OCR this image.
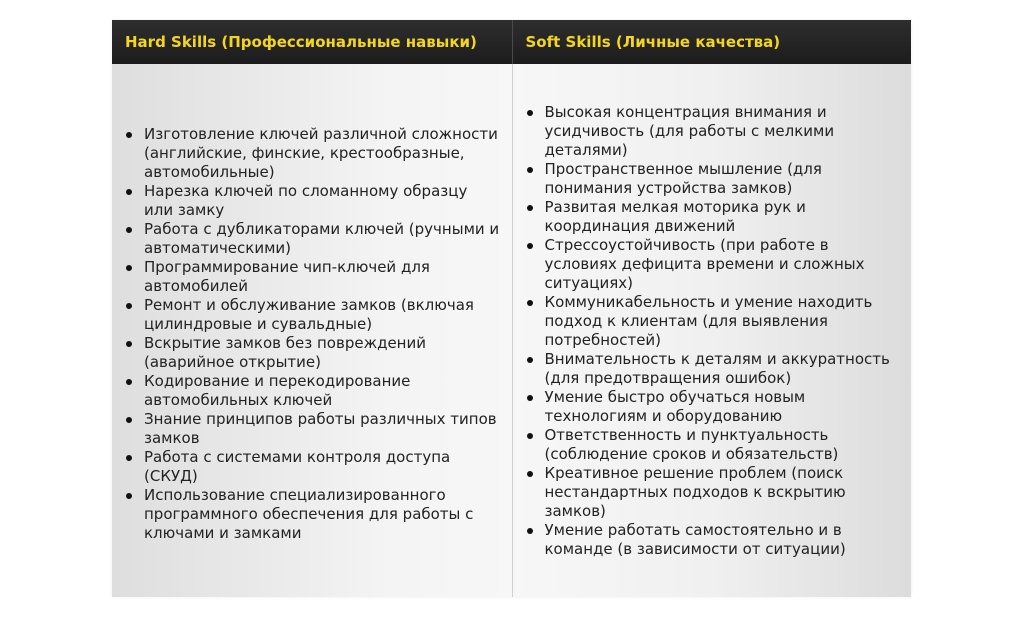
Hard Skills (Профессиональные навыки)	Soft Skills (Личные качества)
Изготовление ключей различной сложности (английские, финские, крестообразные, автомобильные)
Нарезка ключей по сломанному образцу или замку
Работа с дубликаторами ключей (ручными и автоматическими)
Программирование чип-ключей для автомобилей
Ремонт и обслуживание замков (включая цилиндровые и сувальдные)
Вскрытие замков без повреждений (аварийное открытие)
Кодирование и перекодирование автомобильных ключей
Знание принципов работы различных типов замков
Работа с системами контроля доступа (СКУД)
Использование специализированного программного обеспечения для работы с ключами и замками
Высокая концентрация внимания и усидчивость (для работы с мелкими деталями)
Пространственное мышление (для понимания устройства замков)
Развитая мелкая моторика рук и координация движений
Стрессоустойчивость (при работе в условиях дефицита времени и сложных ситуациях)
Коммуникабельность и умение находить подход к клиентам (для выявления потребностей)
Внимательность к деталям и аккуратность (для предотвращения ошибок)
Умение быстро обучаться новым технологиям и оборудованию
Ответственность и пунктуальность (соблюдение сроков и обязательств)
Креативное решение проблем (поиск нестандартных подходов к вскрытию замков)
Умение работать самостоятельно и в команде (в зависимости от ситуации)
